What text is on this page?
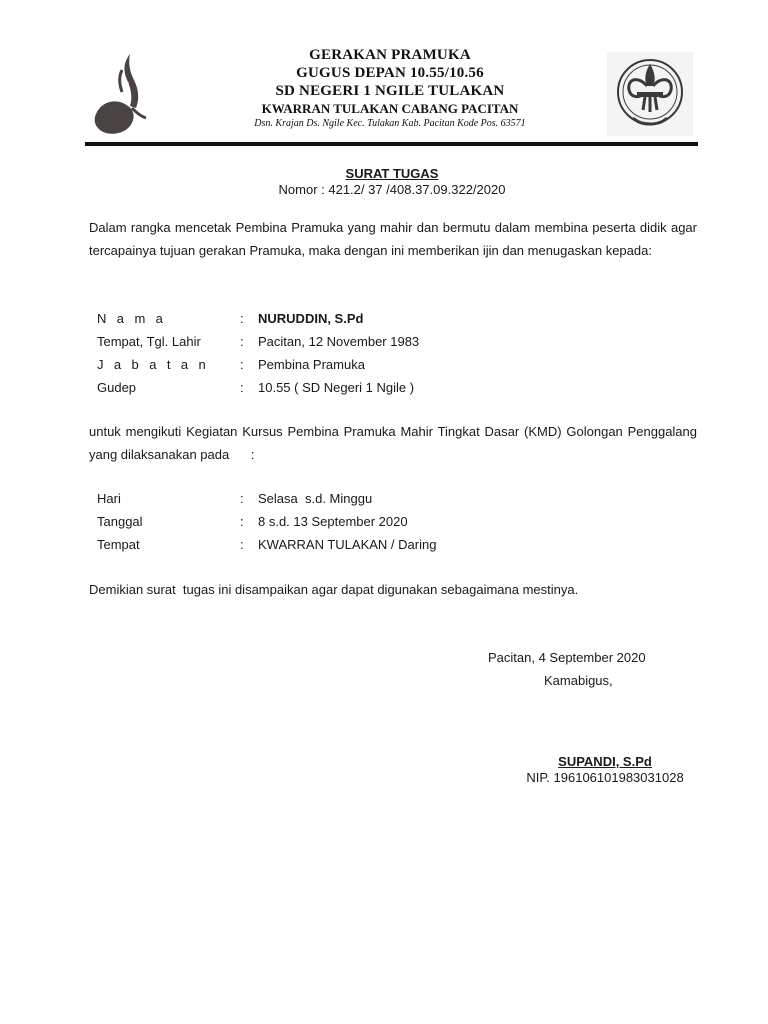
GERAKAN PRAMUKA
GUGUS DEPAN 10.55/10.56
SD NEGERI 1 NGILE TULAKAN
KWARRAN TULAKAN CABANG PACITAN
Dsn. Krajan Ds. Ngile Kec. Tulakan Kab. Pacitan Kode Pos. 63571
SURAT TUGAS
Nomor : 421.2/ 37 /408.37.09.322/2020
Dalam rangka mencetak Pembina Pramuka yang mahir dan bermutu dalam membina peserta didik agar tercapainya tujuan gerakan Pramuka, maka dengan ini memberikan ijin dan menugaskan kepada:
N a m a	: NURUDDIN, S.Pd
Tempat, Tgl. Lahir	: Pacitan, 12 November 1983
J a b a t a n	: Pembina Pramuka
Gudep	: 10.55 ( SD Negeri 1 Ngile )
untuk mengikuti Kegiatan Kursus Pembina Pramuka Mahir Tingkat Dasar (KMD) Golongan Penggalang yang dilaksanakan pada      :
Hari	: Selasa  s.d. Minggu
Tanggal	: 8 s.d. 13 September 2020
Tempat	: KWARRAN TULAKAN / Daring
Demikian surat  tugas ini disampaikan agar dapat digunakan sebagaimana mestinya.
Pacitan, 4 September 2020
Kamabigus,
SUPANDI, S.Pd
NIP. 196106101983031028
